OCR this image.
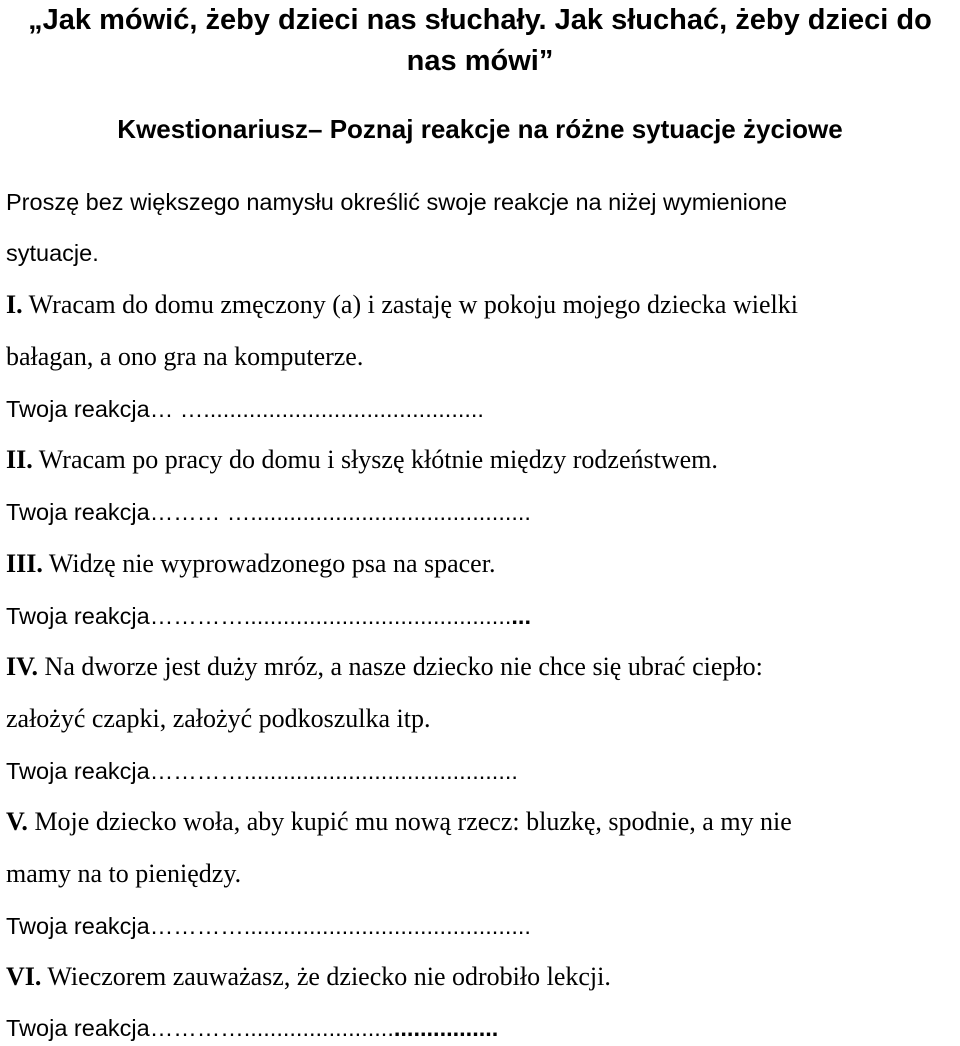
„Jak mówić, żeby dzieci nas słuchały. Jak słuchać, żeby dzieci do nas mówi”
Kwestionariusz– Poznaj reakcje na różne sytuacje życiowe

Proszę bez większego namysłu określić swoje reakcje na niżej wymienione

sytuacje.

I. Wracam do domu zmęczony (a) i zastaję w pokoju mojego dziecka wielki

bałagan, a ono gra na komputerze.

Twoja reakcja… …...........................................

II. Wracam po pracy do domu i słyszę kłótnie między rodzeństwem.

Twoja reakcja……… …...........................................

III. Widzę nie wyprowadzonego psa na spacer.

Twoja reakcja…………............................................

IV. Na dworze jest duży mróz, a nasze dziecko nie chce się ubrać ciepło:

założyć czapki, założyć podkoszulka itp.

Twoja reakcja…………..........................................

V. Moje dziecko woła, aby kupić mu nową rzecz: bluzkę, spodnie, a my nie

mamy na to pieniędzy.

Twoja reakcja…………............................................

VI. Wieczorem zauważasz, że dziecko nie odrobiło lekcji.

Twoja reakcja………….......................................
